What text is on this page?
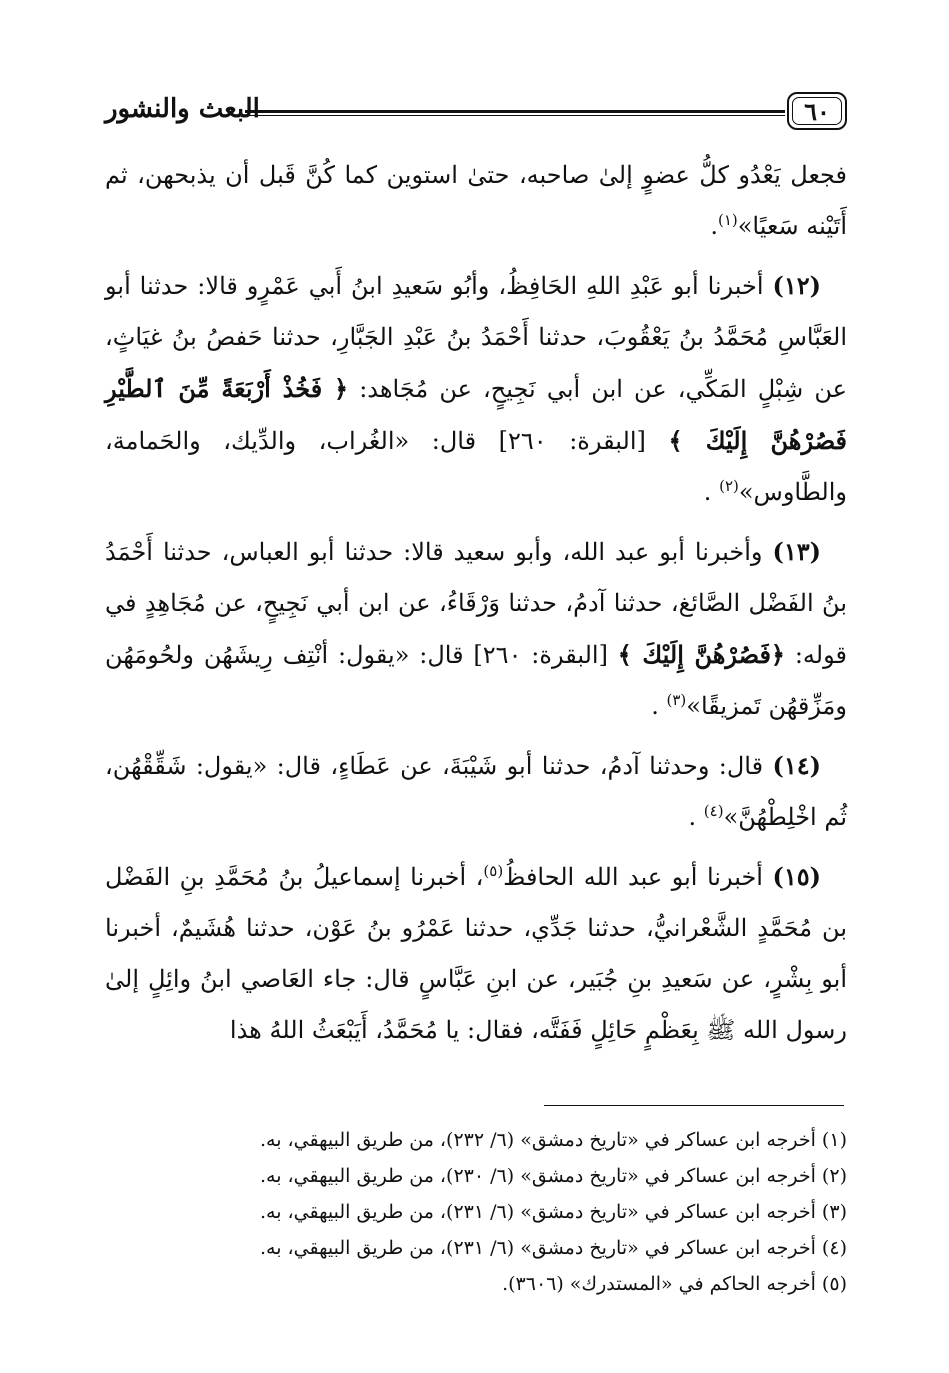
٦٠
البعث والنشور

فجعل يَعْدُو كلُّ عضوٍ إلىٰ صاحبه، حتىٰ استوين كما كُنَّ قَبل أن يذبحهن، ثم أَتَيْنه سَعيًا»$^{(١)}$.

(١٢) أخبرنا أبو عَبْدِ اللهِ الحَافِظُ، وأبُو سَعيدِ ابنُ أَبي عَمْرٍو قالا: حدثنا أبو العَبَّاسِ مُحَمَّدُ بنُ يَعْقُوبَ، حدثنا أَحْمَدُ بنُ عَبْدِ الجَبَّارِ، حدثنا حَفصُ بنُ غيَاثٍ، عن شِبْلٍ المَكِّي، عن ابن أبي نَجِيحٍ، عن مُجَاهد: ﴿ فَخُذْ أَرْبَعَةً مِّنَ ٱلطَّيْرِ فَصُرْهُنَّ إِلَيْكَ ﴾ [البقرة: ٢٦٠] قال: «الغُراب، والدِّيك، والحَمامة، والطَّاوس»$^{(٢)}$ .

(١٣) وأخبرنا أبو عبد الله، وأبو سعيد قالا: حدثنا أبو العباس، حدثنا أَحْمَدُ بنُ الفَضْل الصَّائغ، حدثنا آدمُ، حدثنا وَرْقَاءُ، عن ابن أبي نَجِيحٍ، عن مُجَاهِدٍ في قوله: ﴿فَصُرْهُنَّ إِلَيْكَ ﴾ [البقرة: ٢٦٠] قال: «يقول: أنْتِف رِيشَهُن ولحُومَهُن ومَزِّقهُن تَمزيقًا»$^{(٣)}$ .

(١٤) قال: وحدثنا آدمُ، حدثنا أبو شَيْبَةَ، عن عَطَاءٍ، قال: «يقول: شَقِّقْهُن، ثُم اخْلِطْهُنَّ»$^{(٤)}$ .

(١٥) أخبرنا أبو عبد الله الحافظُ$^{(٥)}$، أخبرنا إسماعيلُ بنُ مُحَمَّدِ بنِ الفَضْل بن مُحَمَّدٍ الشَّعْرانيُّ، حدثنا جَدِّي، حدثنا عَمْرُو بنُ عَوْن، حدثنا هُشَيمٌ، أخبرنا أبو بِشْرٍ، عن سَعيدِ بنِ جُبَير، عن ابنِ عَبَّاسٍ قال: جاء العَاصي ابنُ وائِلٍ إلىٰ رسول الله ﷺ بِعَظْمٍ حَائِلٍ فَفَتَّه، فقال: يا مُحَمَّدُ، أَيَبْعَثُ اللهُ هذا

(١) أخرجه ابن عساكر في «تاريخ دمشق» (٦/ ٢٣٢)، من طريق البيهقي، به.
(٢) أخرجه ابن عساكر في «تاريخ دمشق» (٦/ ٢٣٠)، من طريق البيهقي، به.
(٣) أخرجه ابن عساكر في «تاريخ دمشق» (٦/ ٢٣١)، من طريق البيهقي، به.
(٤) أخرجه ابن عساكر في «تاريخ دمشق» (٦/ ٢٣١)، من طريق البيهقي، به.
(٥) أخرجه الحاكم في «المستدرك» (٣٦٠٦).
